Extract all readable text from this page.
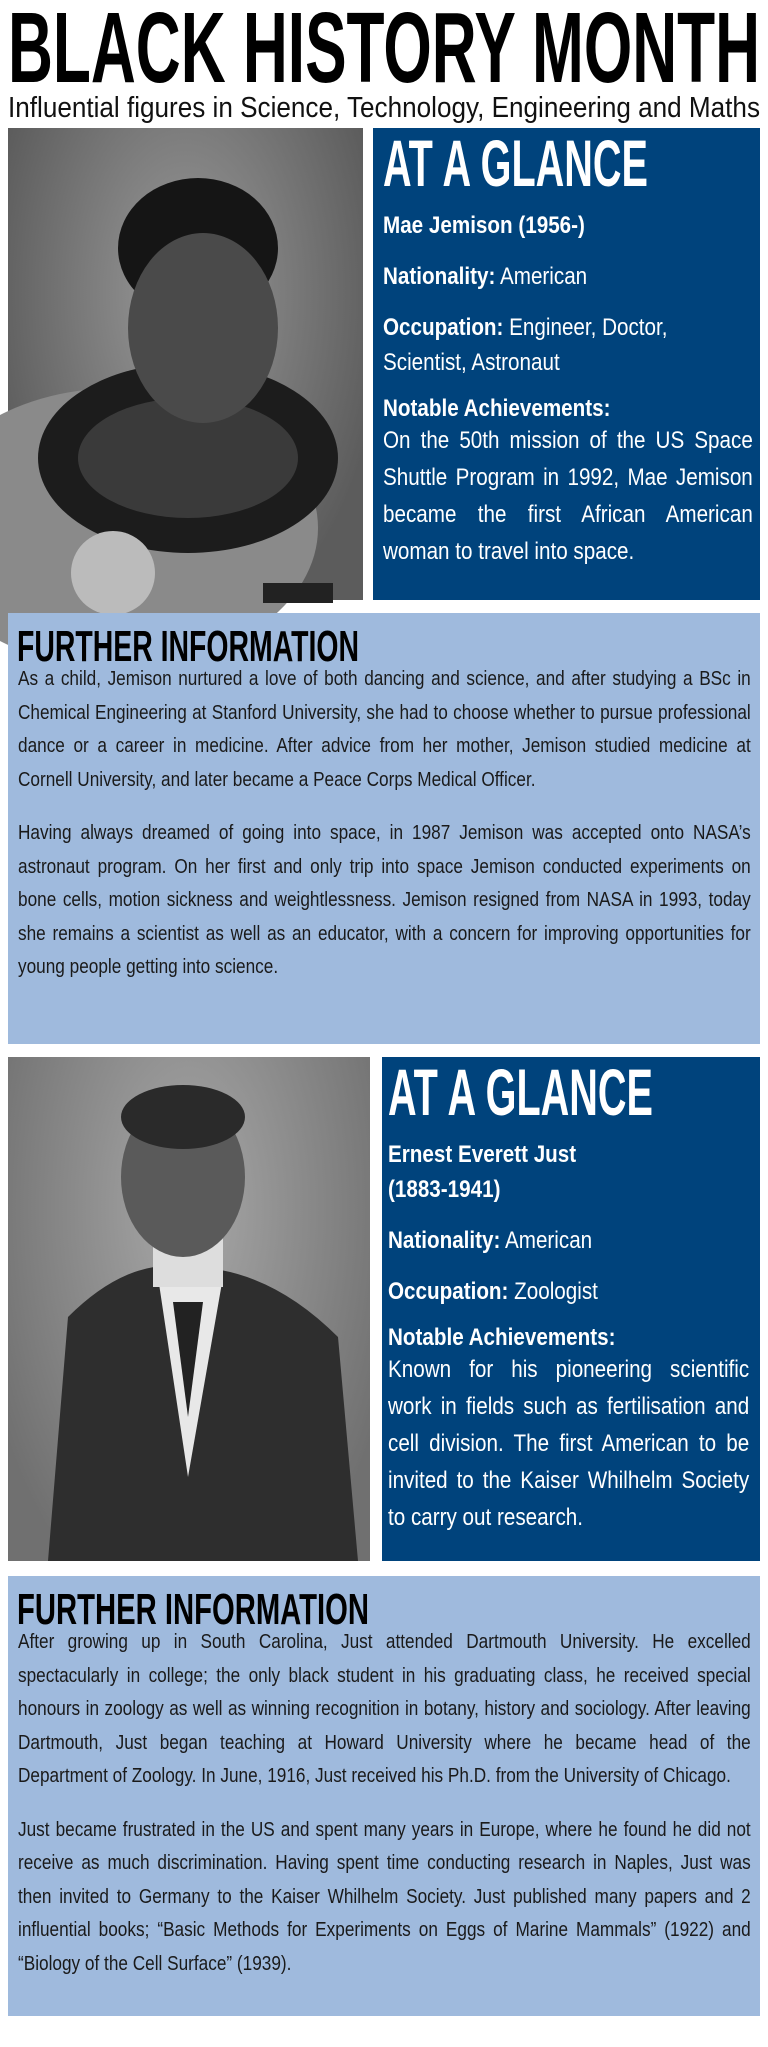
BLACK HISTORY MONTH
Influential figures in Science, Technology, Engineering and Maths
AT A GLANCE

Mae Jemison (1956-)

Nationality: American

Occupation: Engineer, Doctor, Scientist, Astronaut

Notable Achievements:
On the 50th mission of the US Space Shuttle Program in 1992, Mae Jemison became the first African American woman to travel into space.
FURTHER INFORMATION

As a child, Jemison nurtured a love of both dancing and science, and after studying a BSc in Chemical Engineering at Stanford University, she had to choose whether to pursue professional dance or a career in medicine. After advice from her mother, Jemison studied medicine at Cornell University, and later became a Peace Corps Medical Officer.

Having always dreamed of going into space, in 1987 Jemison was accepted onto NASA’s astronaut program. On her first and only trip into space Jemison conducted experiments on bone cells, motion sickness and weightlessness. Jemison resigned from NASA in 1993, today she remains a scientist as well as an educator, with a concern for improving opportunities for young people getting into science.

AT A GLANCE

Ernest Everett Just (1883-1941)

Nationality: American

Occupation: Zoologist

Notable Achievements:
Known for his pioneering scientific work in fields such as fertilisation and cell division. The first American to be invited to the Kaiser Whilhelm Society to carry out research.
FURTHER INFORMATION

After growing up in South Carolina, Just attended Dartmouth University. He excelled spectacularly in college; the only black student in his graduating class, he received special honours in zoology as well as winning recognition in botany, history and sociology. After leaving Dartmouth, Just began teaching at Howard University where he became head of the Department of Zoology. In June, 1916, Just received his Ph.D. from the University of Chicago.

Just became frustrated in the US and spent many years in Europe, where he found he did not receive as much discrimination. Having spent time conducting research in Naples, Just was then invited to Germany to the Kaiser Whilhelm Society. Just published many papers and 2 influential books; “Basic Methods for Experiments on Eggs of Marine Mammals” (1922) and “Biology of the Cell Surface” (1939).
